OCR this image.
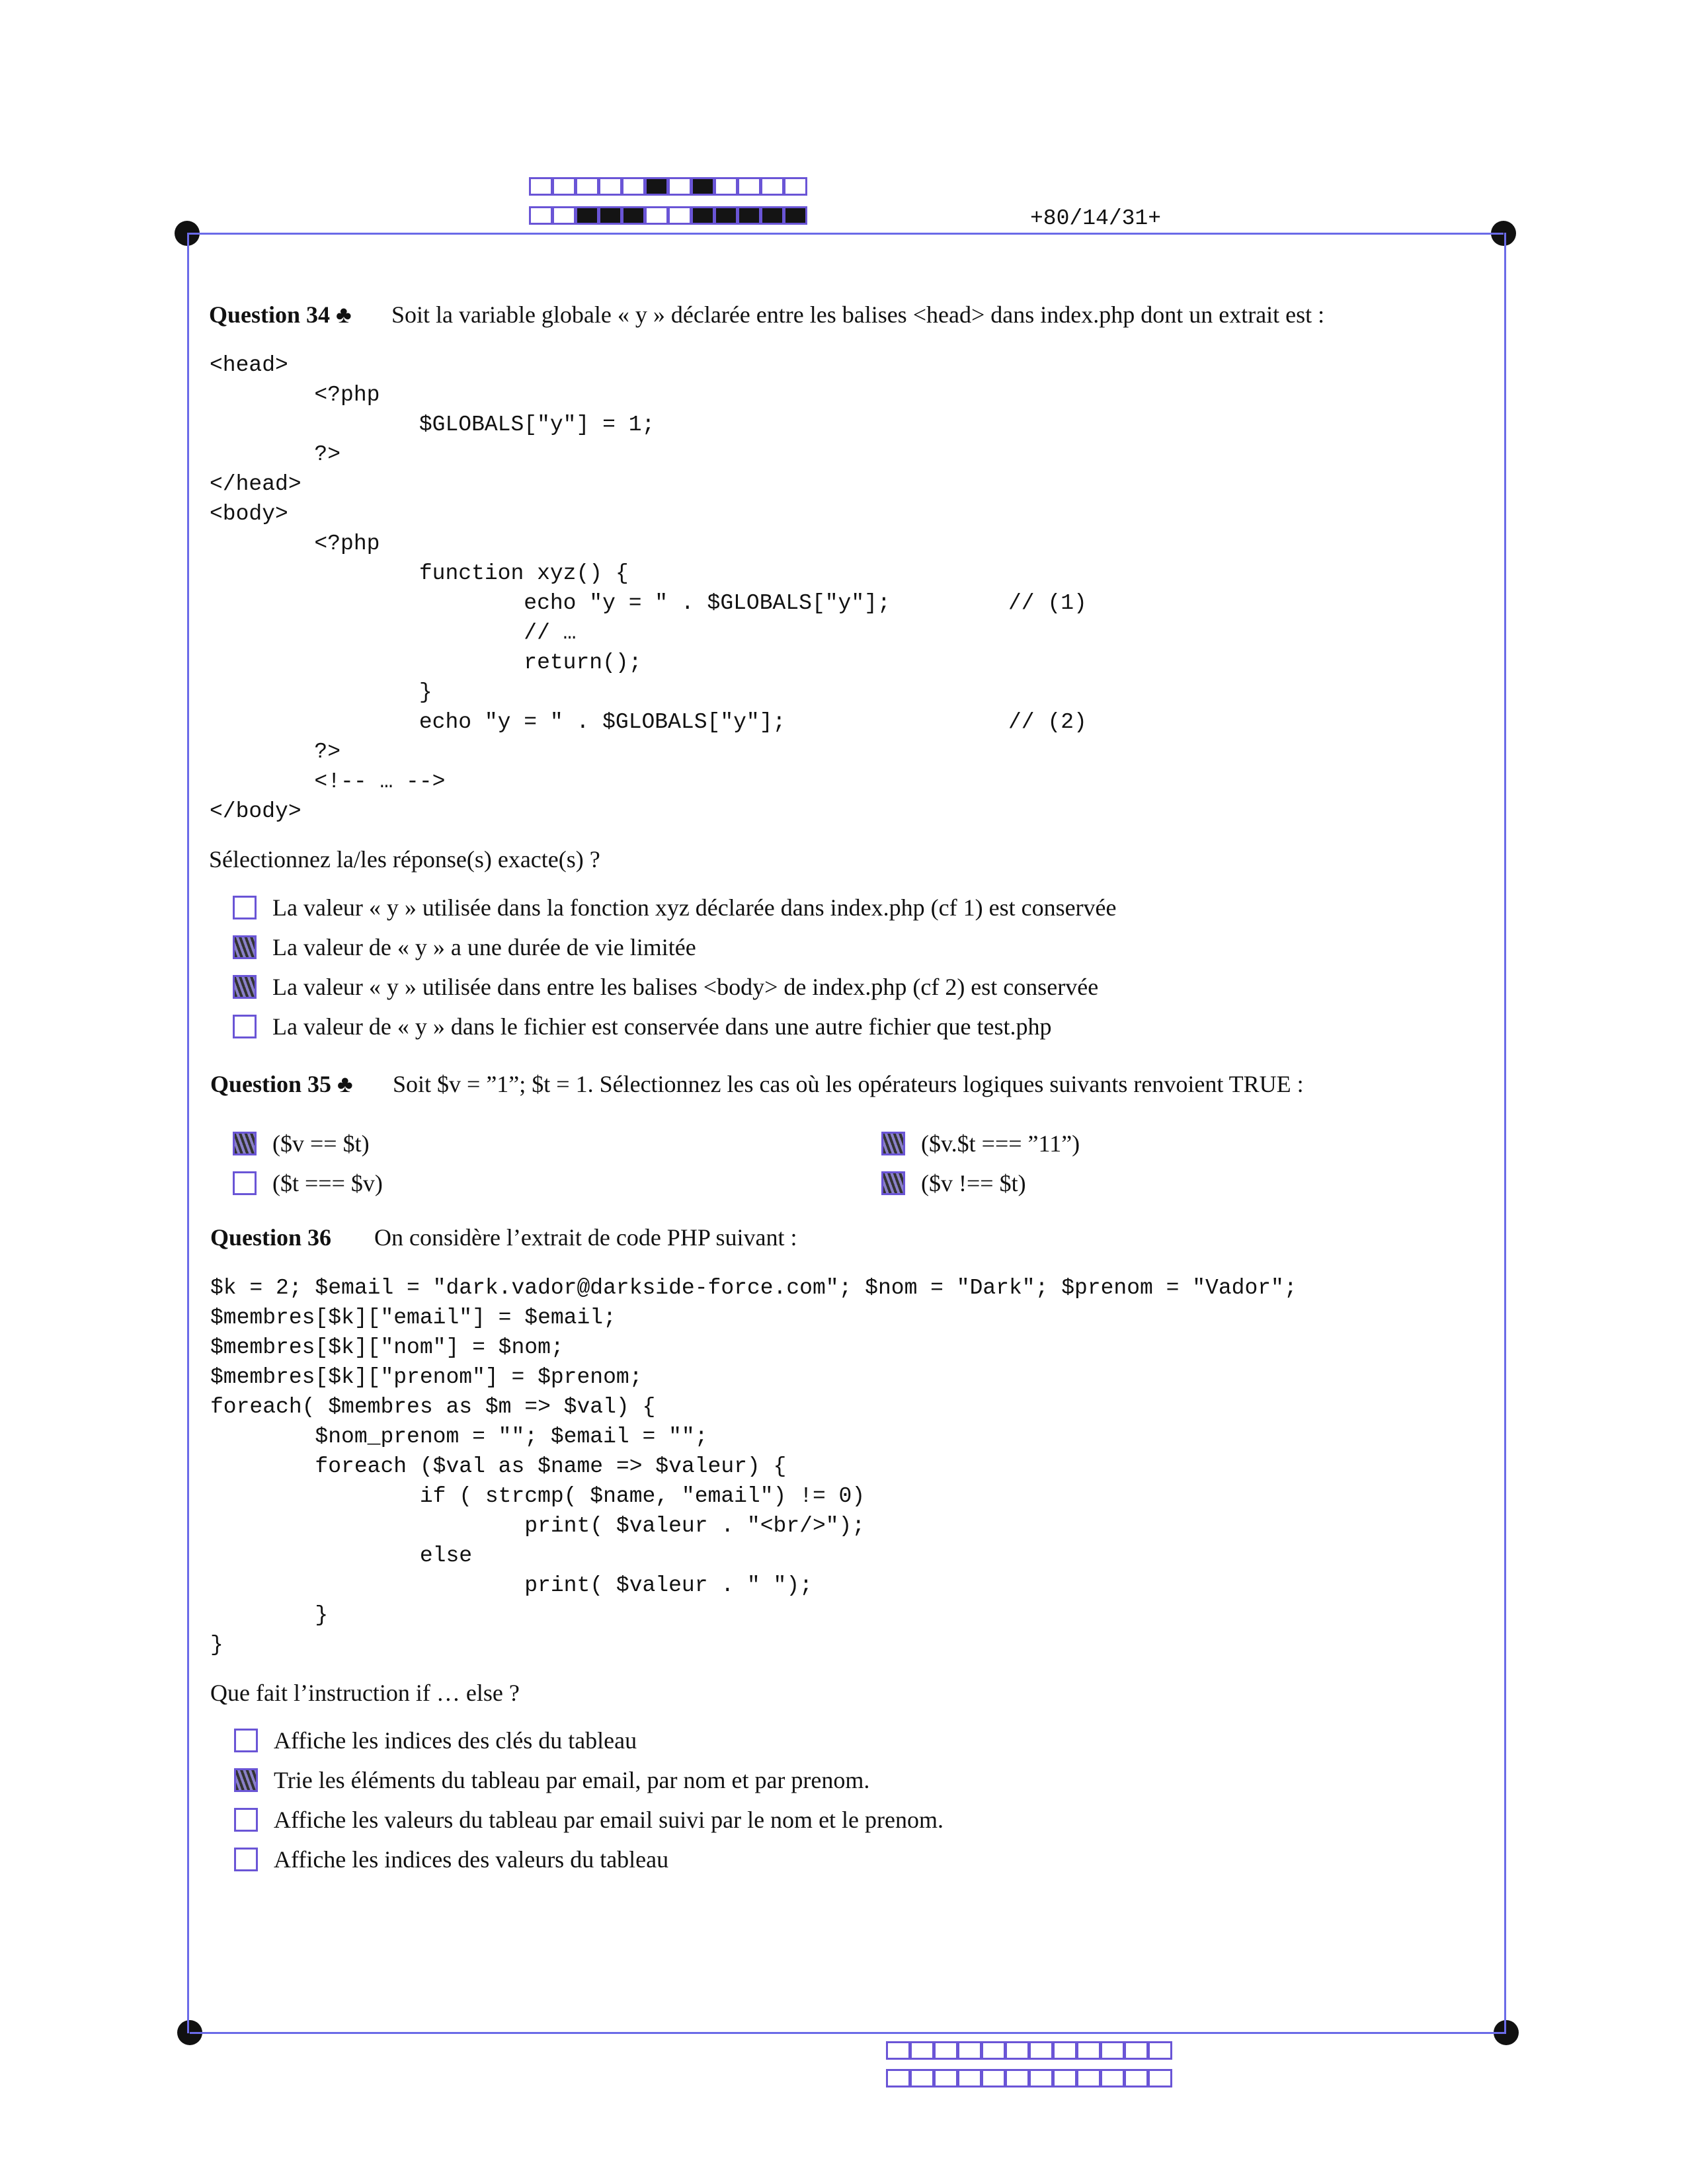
+80/14/31+
Question 34 ♣ Soit la variable globale « y » déclarée entre les balises <head> dans index.php dont un extrait est :
<head>
<?php
$GLOBALS["y"] = 1;
?>
</head>
<body>
<?php
function xyz() {
echo "y = " . $GLOBALS["y"];         // (1)
// …
return();
}
echo "y = " . $GLOBALS["y"];                 // (2)
?>
<!-- … -->
</body>
Sélectionnez la/les réponse(s) exacte(s) ?
La valeur « y » utilisée dans la fonction xyz déclarée dans index.php (cf 1) est conservée
La valeur de « y » a une durée de vie limitée
La valeur « y » utilisée dans entre les balises <body> de index.php (cf 2) est conservée
La valeur de « y » dans le fichier est conservée dans une autre fichier que test.php
Question 35 ♣ Soit $v = ”1”; $t = 1. Sélectionnez les cas où les opérateurs logiques suivants renvoient TRUE :
($v == $t)	($v.$t === ”11”)
($t === $v)	($v !== $t)
Question 36 On considère l’extrait de code PHP suivant :
$k = 2; $email = "dark.vador@darkside-force.com"; $nom = "Dark"; $prenom = "Vador";
$membres[$k]["email"] = $email;
$membres[$k]["nom"] = $nom;
$membres[$k]["prenom"] = $prenom;
foreach( $membres as $m => $val) {
$nom_prenom = ""; $email = "";
foreach ($val as $name => $valeur) {
if ( strcmp( $name, "email") != 0)
print( $valeur . "<br/>");
else
print( $valeur . " ");
}
}
Que fait l’instruction if … else ?
Affiche les indices des clés du tableau
Trie les éléments du tableau par email, par nom et par prenom.
Affiche les valeurs du tableau par email suivi par le nom et le prenom.
Affiche les indices des valeurs du tableau
